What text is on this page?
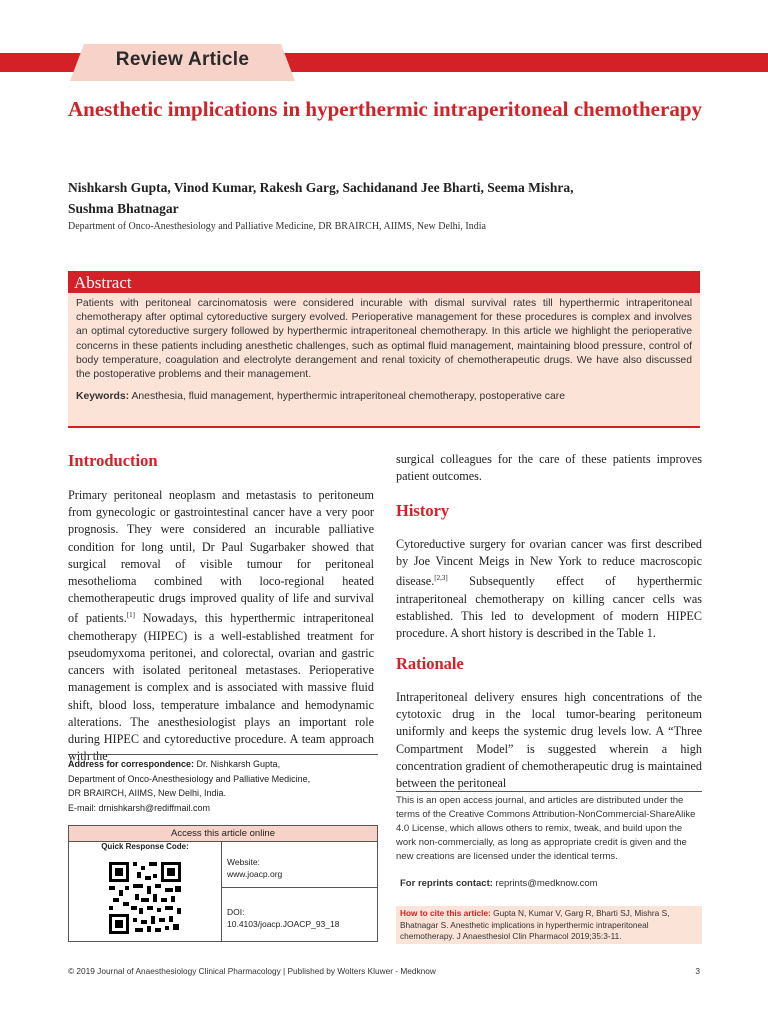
Review Article
Anesthetic implications in hyperthermic intraperitoneal chemotherapy
Nishkarsh Gupta, Vinod Kumar, Rakesh Garg, Sachidanand Jee Bharti, Seema Mishra,
Sushma Bhatnagar
Department of Onco-Anesthesiology and Palliative Medicine, DR BRAIRCH, AIIMS, New Delhi, India
Abstract
Patients with peritoneal carcinomatosis were considered incurable with dismal survival rates till hyperthermic intraperitoneal chemotherapy after optimal cytoreductive surgery evolved. Perioperative management for these procedures is complex and involves an optimal cytoreductive surgery followed by hyperthermic intraperitoneal chemotherapy. In this article we highlight the perioperative concerns in these patients including anesthetic challenges, such as optimal fluid management, maintaining blood pressure, control of body temperature, coagulation and electrolyte derangement and renal toxicity of chemotherapeutic drugs. We have also discussed the postoperative problems and their management.
Keywords: Anesthesia, fluid management, hyperthermic intraperitoneal chemotherapy, postoperative care
Introduction

Primary peritoneal neoplasm and metastasis to peritoneum from gynecologic or gastrointestinal cancer have a very poor prognosis. They were considered an incurable palliative condition for long until, Dr Paul Sugarbaker showed that surgical removal of visible tumour for peritoneal mesothelioma combined with loco-regional heated chemotherapeutic drugs improved quality of life and survival of patients.[1] Nowadays, this hyperthermic intraperitoneal chemotherapy (HIPEC) is a well-established treatment for pseudomyxoma peritonei, and colorectal, ovarian and gastric cancers with isolated peritoneal metastases. Perioperative management is complex and is associated with massive fluid shift, blood loss, temperature imbalance and hemodynamic alterations. The anesthesiologist plays an important role during HIPEC and cytoreductive procedure. A team approach with the

Address for correspondence: Dr. Nishkarsh Gupta,
Department of Onco-Anesthesiology and Palliative Medicine,
DR BRAIRCH, AIIMS, New Delhi, India.
E-mail: drnishkarsh@rediffmail.com
Access this article online
Quick Response Code:
Website:
www.joacp.org
DOI:
10.4103/joacp.JOACP_93_18

surgical colleagues for the care of these patients improves patient outcomes.

History

Cytoreductive surgery for ovarian cancer was first described by Joe Vincent Meigs in New York to reduce macroscopic disease.[2,3] Subsequently effect of hyperthermic intraperitoneal chemotherapy on killing cancer cells was established. This led to development of modern HIPEC procedure. A short history is described in the Table 1.

Rationale

Intraperitoneal delivery ensures high concentrations of the cytotoxic drug in the local tumor-bearing peritoneum uniformly and keeps the systemic drug levels low. A “Three Compartment Model” is suggested wherein a high concentration gradient of chemotherapeutic drug is maintained between the peritoneal

This is an open access journal, and articles are distributed under the terms of the Creative Commons Attribution-NonCommercial-ShareAlike 4.0 License, which allows others to remix, tweak, and build upon the work non-commercially, as long as appropriate credit is given and the new creations are licensed under the identical terms.
For reprints contact: reprints@medknow.com
How to cite this article: Gupta N, Kumar V, Garg R, Bharti SJ, Mishra S, Bhatnagar S. Anesthetic implications in hyperthermic intraperitoneal chemotherapy. J Anaesthesiol Clin Pharmacol 2019;35:3-11.
© 2019 Journal of Anaesthesiology Clinical Pharmacology | Published by Wolters Kluwer - Medknow	3
